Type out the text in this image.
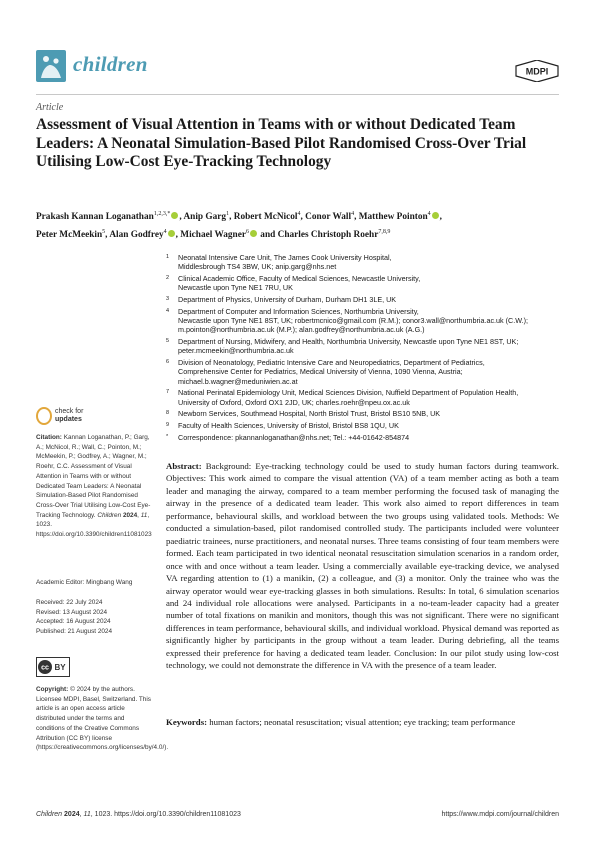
children	MDPI
Article
Assessment of Visual Attention in Teams with or without Dedicated Team Leaders: A Neonatal Simulation-Based Pilot Randomised Cross-Over Trial Utilising Low-Cost Eye-Tracking Technology
Prakash Kannan Loganathan$^{1,2,3,*}$ , Anip Garg$^1$, Robert McNicol$^4$, Conor Wall$^4$, Matthew Pointon$^4$ ,
Peter McMeekin$^5$, Alan Godfrey$^4$ , Michael Wagner$^6$ and Charles Christoph Roehr$^{7,8,9}$
1	Neonatal Intensive Care Unit, The James Cook University Hospital,
Middlesbrough TS4 3BW, UK; anip.garg@nhs.net
2	Clinical Academic Office, Faculty of Medical Sciences, Newcastle University,
Newcastle upon Tyne NE1 7RU, UK
3	Department of Physics, University of Durham, Durham DH1 3LE, UK
4	Department of Computer and Information Sciences, Northumbria University,
Newcastle upon Tyne NE1 8ST, UK; robertmcnico@gmail.com (R.M.); conor3.wall@northumbria.ac.uk (C.W.);
m.pointon@northumbria.ac.uk (M.P.); alan.godfrey@northumbria.ac.uk (A.G.)
5	Department of Nursing, Midwifery, and Health, Northumbria University, Newcastle upon Tyne NE1 8ST, UK;
peter.mcmeekin@northumbria.ac.uk
6	Division of Neonatology, Pediatric Intensive Care and Neuropediatrics, Department of Pediatrics,
Comprehensive Center for Pediatrics, Medical University of Vienna, 1090 Vienna, Austria;
michael.b.wagner@meduniwien.ac.at
7	National Perinatal Epidemiology Unit, Medical Sciences Division, Nuffield Department of Population Health,
University of Oxford, Oxford OX1 2JD, UK; charles.roehr@npeu.ox.ac.uk
8	Newborn Services, Southmead Hospital, North Bristol Trust, Bristol BS10 5NB, UK
9	Faculty of Health Sciences, University of Bristol, Bristol BS8 1QU, UK
*	Correspondence: pkannanloganathan@nhs.net; Tel.: +44-01642-854874
check for
updates
Citation: Kannan Loganathan, P.; Garg, A.; McNicol, R.; Wall, C.; Pointon, M.; McMeekin, P.; Godfrey, A.; Wagner, M.; Roehr, C.C. Assessment of Visual Attention in Teams with or without Dedicated Team Leaders: A Neonatal Simulation-Based Pilot Randomised Cross-Over Trial Utilising Low-Cost Eye-Tracking Technology. Children 2024, 11, 1023. https://doi.org/10.3390/children11081023
Academic Editor: Mingbang Wang
Received: 22 July 2024
Revised: 13 August 2024
Accepted: 16 August 2024
Published: 21 August 2024
cc BY
Copyright: © 2024 by the authors. Licensee MDPI, Basel, Switzerland. This article is an open access article distributed under the terms and conditions of the Creative Commons Attribution (CC BY) license (https://creativecommons.org/licenses/by/4.0/).
Abstract: Background: Eye-tracking technology could be used to study human factors during teamwork. Objectives: This work aimed to compare the visual attention (VA) of a team member acting as both a team leader and managing the airway, compared to a team member performing the focused task of managing the airway in the presence of a dedicated team leader. This work also aimed to report differences in team performance, behavioural skills, and workload between the two groups using validated tools. Methods: We conducted a simulation-based, pilot randomised controlled study. The participants included were volunteer paediatric trainees, nurse practitioners, and neonatal nurses. Three teams consisting of four team members were formed. Each team participated in two identical neonatal resuscitation simulation scenarios in a random order, once with and once without a team leader. Using a commercially available eye-tracking device, we analysed VA regarding attention to (1) a manikin, (2) a colleague, and (3) a monitor. Only the trainee who was the airway operator would wear eye-tracking glasses in both simulations. Results: In total, 6 simulation scenarios and 24 individual role allocations were analysed. Participants in a no-team-leader capacity had a greater number of total fixations on manikin and monitors, though this was not significant. There were no significant differences in team performance, behavioural skills, and individual workload. Physical demand was reported as significantly higher by participants in the group without a team leader. During debriefing, all the teams expressed their preference for having a dedicated team leader. Conclusion: In our pilot study using low-cost technology, we could not demonstrate the difference in VA with the presence of a team leader.
Keywords: human factors; neonatal resuscitation; visual attention; eye tracking; team performance
Children 2024, 11, 1023. https://doi.org/10.3390/children11081023	https://www.mdpi.com/journal/children
